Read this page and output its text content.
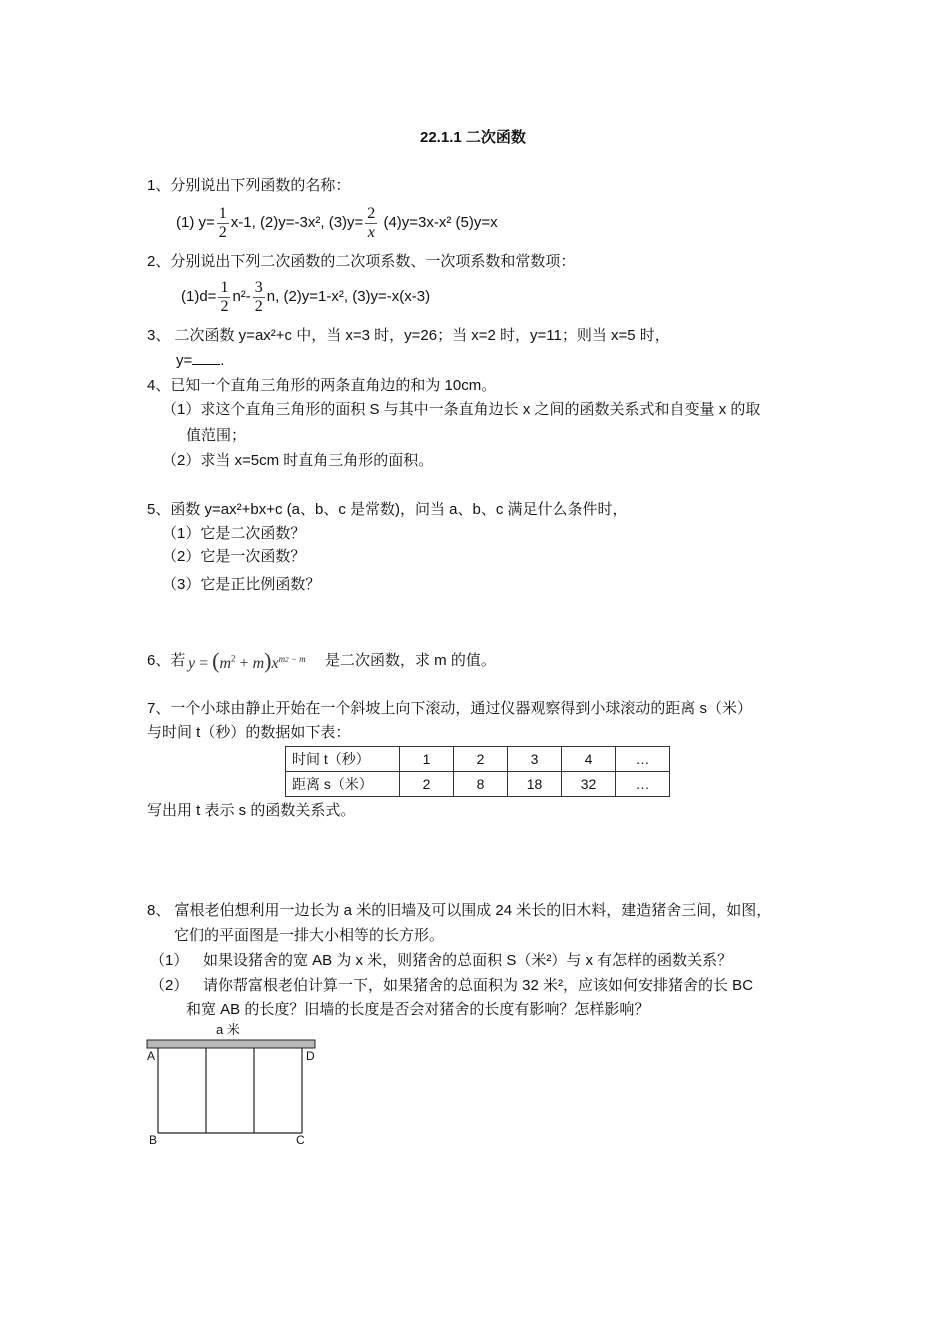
22.1.1 二次函数
1、分别说出下列函数的名称：
(1) $y= \frac{1}{2} x-1$, (2)y=-3x², $(3)y= \frac{2}{x} (4)y=3x-x^2$ (5)y=x
2、分别说出下列二次函数的二次项系数、一次项系数和常数项：
$(1)d= \frac{1}{2} n^2- \frac{3}{2} n$, (2)y=1-x², (3)y=-x(x-3)
3、 二次函数 y=ax²+c 中，当 x=3 时，y=26；当 x=2 时，y=11；则当 x=5 时，
y= .
4、已知一个直角三角形的两条直角边的和为 10cm。
（1）求这个直角三角形的面积 S 与其中一条直角边长 x 之间的函数关系式和自变量 x 的取
值范围；
（2）求当 x=5cm 时直角三角形的面积。
5、函数 y=ax²+bx+c (a、b、c 是常数)，问当 a、b、c 满足什么条件时，
（1）它是二次函数？
（2）它是一次函数？
（3）它是正比例函数？
6、若 $y = (m^2 + m)x^{m2 - m}$ 是二次函数，求 m 的值。
7、一个小球由静止开始在一个斜坡上向下滚动，通过仪器观察得到小球滚动的距离 s（米）
与时间 t（秒）的数据如下表：
时间 t（秒）	1	2	3	4	…
距离 s（米）	2	8	18	32	…
写出用 t 表示 s 的函数关系式。
8、 富根老伯想利用一边长为 a 米的旧墙及可以围成 24 米长的旧木料，建造猪舍三间，如图，
它们的平面图是一排大小相等的长方形。
（1） 如果设猪舍的宽 AB 为 x 米，则猪舍的总面积 S（米²）与 x 有怎样的函数关系？
（2） 请你帮富根老伯计算一下，如果猪舍的总面积为 32 米²，应该如何安排猪舍的长 BC
和宽 AB 的长度？旧墙的长度是否会对猪舍的长度有影响？怎样影响？
a 米
A	D
B	C
